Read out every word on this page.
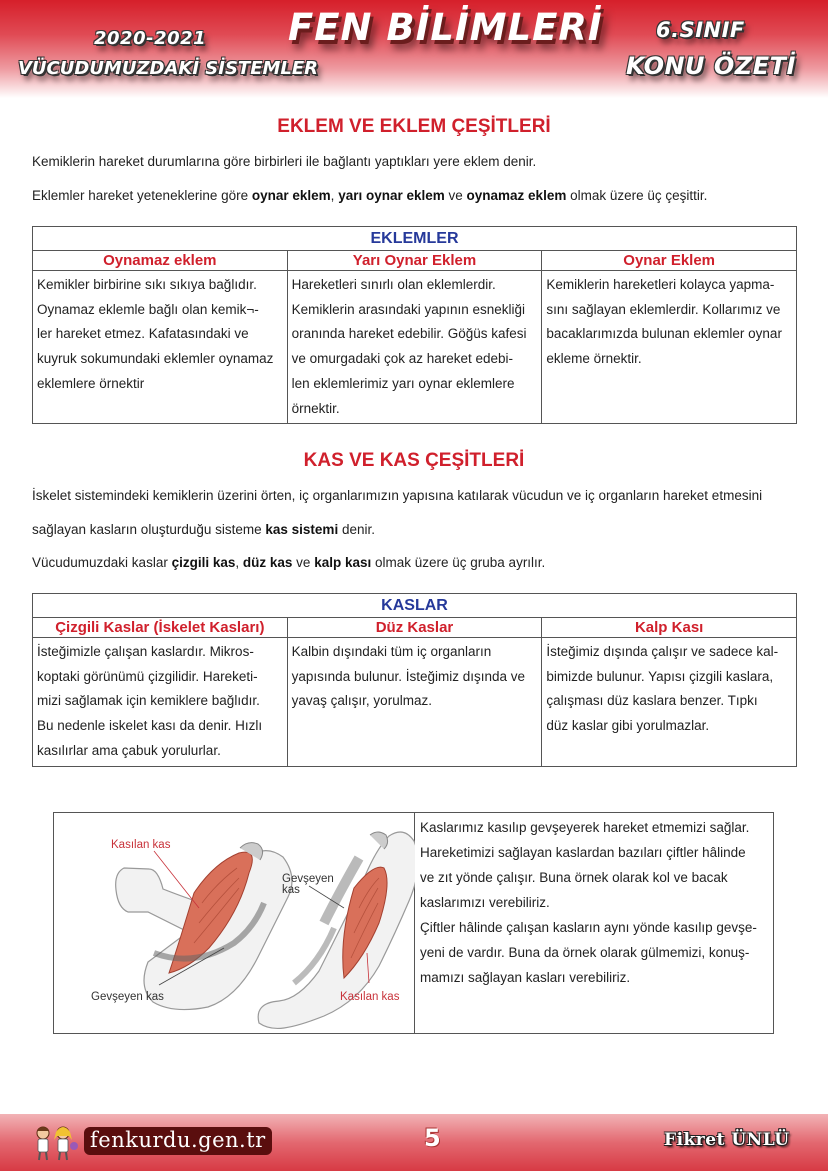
2020-2021
VÜCUDUMUZDAKİ SİSTEMLER
FEN BİLİMLERİ	6.SINIF
KONU ÖZETİ
EKLEM VE EKLEM ÇEŞİTLERİ
Kemiklerin hareket durumlarına göre birbirleri ile bağlantı yaptıkları yere eklem denir.
Eklemler hareket yeteneklerine göre oynar eklem, yarı oynar eklem ve oynamaz eklem olmak üzere üç çeşittir.
EKLEMLER		
Oynamaz eklem	Yarı Oynar Eklem	Oynar Eklem

Kemikler birbirine sıkı sıkıya bağlıdır.
Oynamaz eklemle bağlı olan kemik¬-
ler hareket etmez. Kafatasındaki ve
kuyruk sokumundaki eklemler oynamaz
eklemlere örnektir

Hareketleri sınırlı olan eklemlerdir.
Kemiklerin arasındaki yapının esnekliği
oranında hareket edebilir. Göğüs kafesi
ve omurgadaki çok az hareket edebi-
len eklemlerimiz yarı oynar eklemlere
örnektir.

Kemiklerin hareketleri kolayca yapma-
sını sağlayan eklemlerdir. Kollarımız ve
bacaklarımızda bulunan eklemler oynar
ekleme örnektir.
KAS VE KAS ÇEŞİTLERİ
İskelet sistemindeki kemiklerin üzerini örten, iç organlarımızın yapısına katılarak vücudun ve iç organların hareket etmesini
sağlayan kasların oluşturduğu sisteme kas sistemi denir.
Vücudumuzdaki kaslar çizgili kas, düz kas ve kalp kası olmak üzere üç gruba ayrılır.
KASLAR		
Çizgili Kaslar (İskelet Kasları)	Düz Kaslar	Kalp Kası

İsteğimizle çalışan kaslardır. Mikros-
koptaki görünümü çizgilidir. Hareketi-
mizi sağlamak için kemiklere bağlıdır.
Bu nedenle iskelet kası da denir. Hızlı
kasılırlar ama çabuk yorulurlar.

Kalbin dışındaki tüm iç organların
yapısında bulunur. İsteğimiz dışında ve
yavaş çalışır, yorulmaz.

İsteğimiz dışında çalışır ve sadece kal-
bimizde bulunur. Yapısı çizgili kaslara,
çalışması düz kaslara benzer. Tıpkı
düz kaslar gibi yorulmazlar.
Kasılan kas
Gevşeyen kas
Gevşeyen
kas
Kasılan kas

Kaslarımız kasılıp gevşeyerek hareket etmemizi sağlar.

Hareketimizi sağlayan kaslardan bazıları çiftler hâlinde

ve zıt yönde çalışır. Buna örnek olarak kol ve bacak

kaslarımızı verebiliriz.

Çiftler hâlinde çalışan kasların aynı yönde kasılıp gevşe-

yeni de vardır. Buna da örnek olarak gülmemizi, konuş-

mamızı sağlayan kasları verebiliriz.

fenkurdu.gen.tr	5	Fikret ÜNLÜ
